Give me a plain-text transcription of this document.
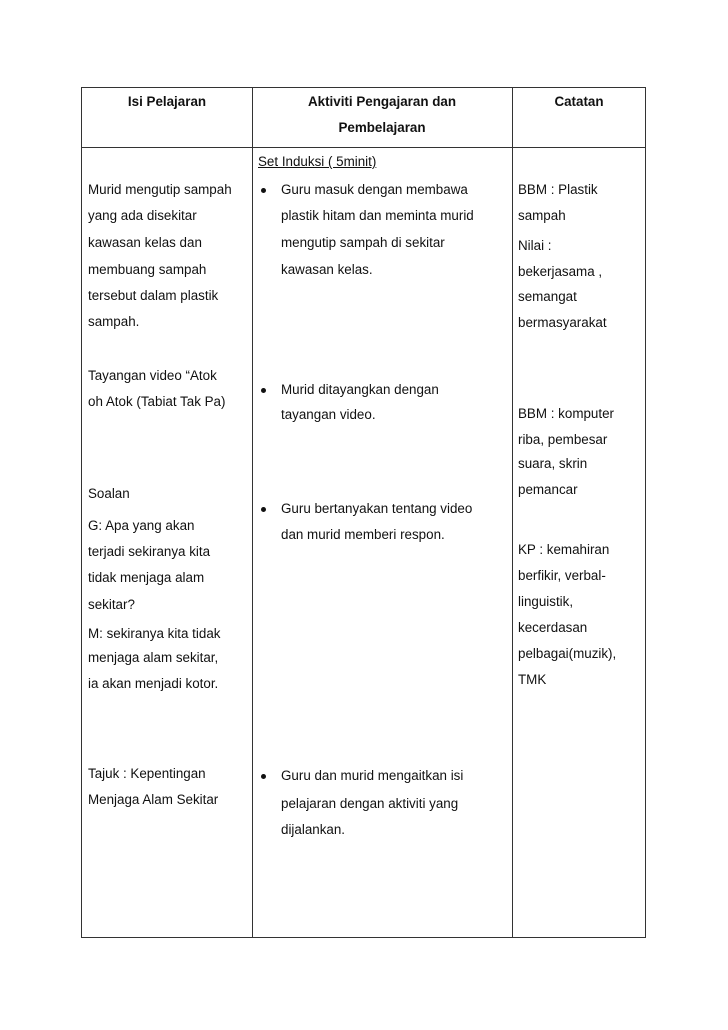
Isi Pelajaran	Aktiviti Pengajaran dan
Pembelajaran
Catatan
Set Induksi ( 5minit)
Murid mengutip sampah
yang ada disekitar
kawasan kelas dan
membuang sampah
tersebut dalam plastik
sampah.
Tayangan video “Atok
oh Atok (Tabiat Tak Pa)
Soalan
G: Apa yang akan
terjadi sekiranya kita
tidak menjaga alam
sekitar?
M: sekiranya kita tidak
menjaga alam sekitar,
ia akan menjadi kotor.
Tajuk : Kepentingan
Menjaga Alam Sekitar
Guru masuk dengan membawa
plastik hitam dan meminta murid
mengutip sampah di sekitar
kawasan kelas.
Murid ditayangkan dengan
tayangan video.
Guru bertanyakan tentang video
dan murid memberi respon.
Guru dan murid mengaitkan isi
pelajaran dengan aktiviti yang
dijalankan.
BBM : Plastik
sampah
Nilai :
bekerjasama ,
semangat
bermasyarakat
BBM : komputer
riba, pembesar
suara, skrin
pemancar
KP : kemahiran
berfikir, verbal-
linguistik,
kecerdasan
pelbagai(muzik),
TMK
